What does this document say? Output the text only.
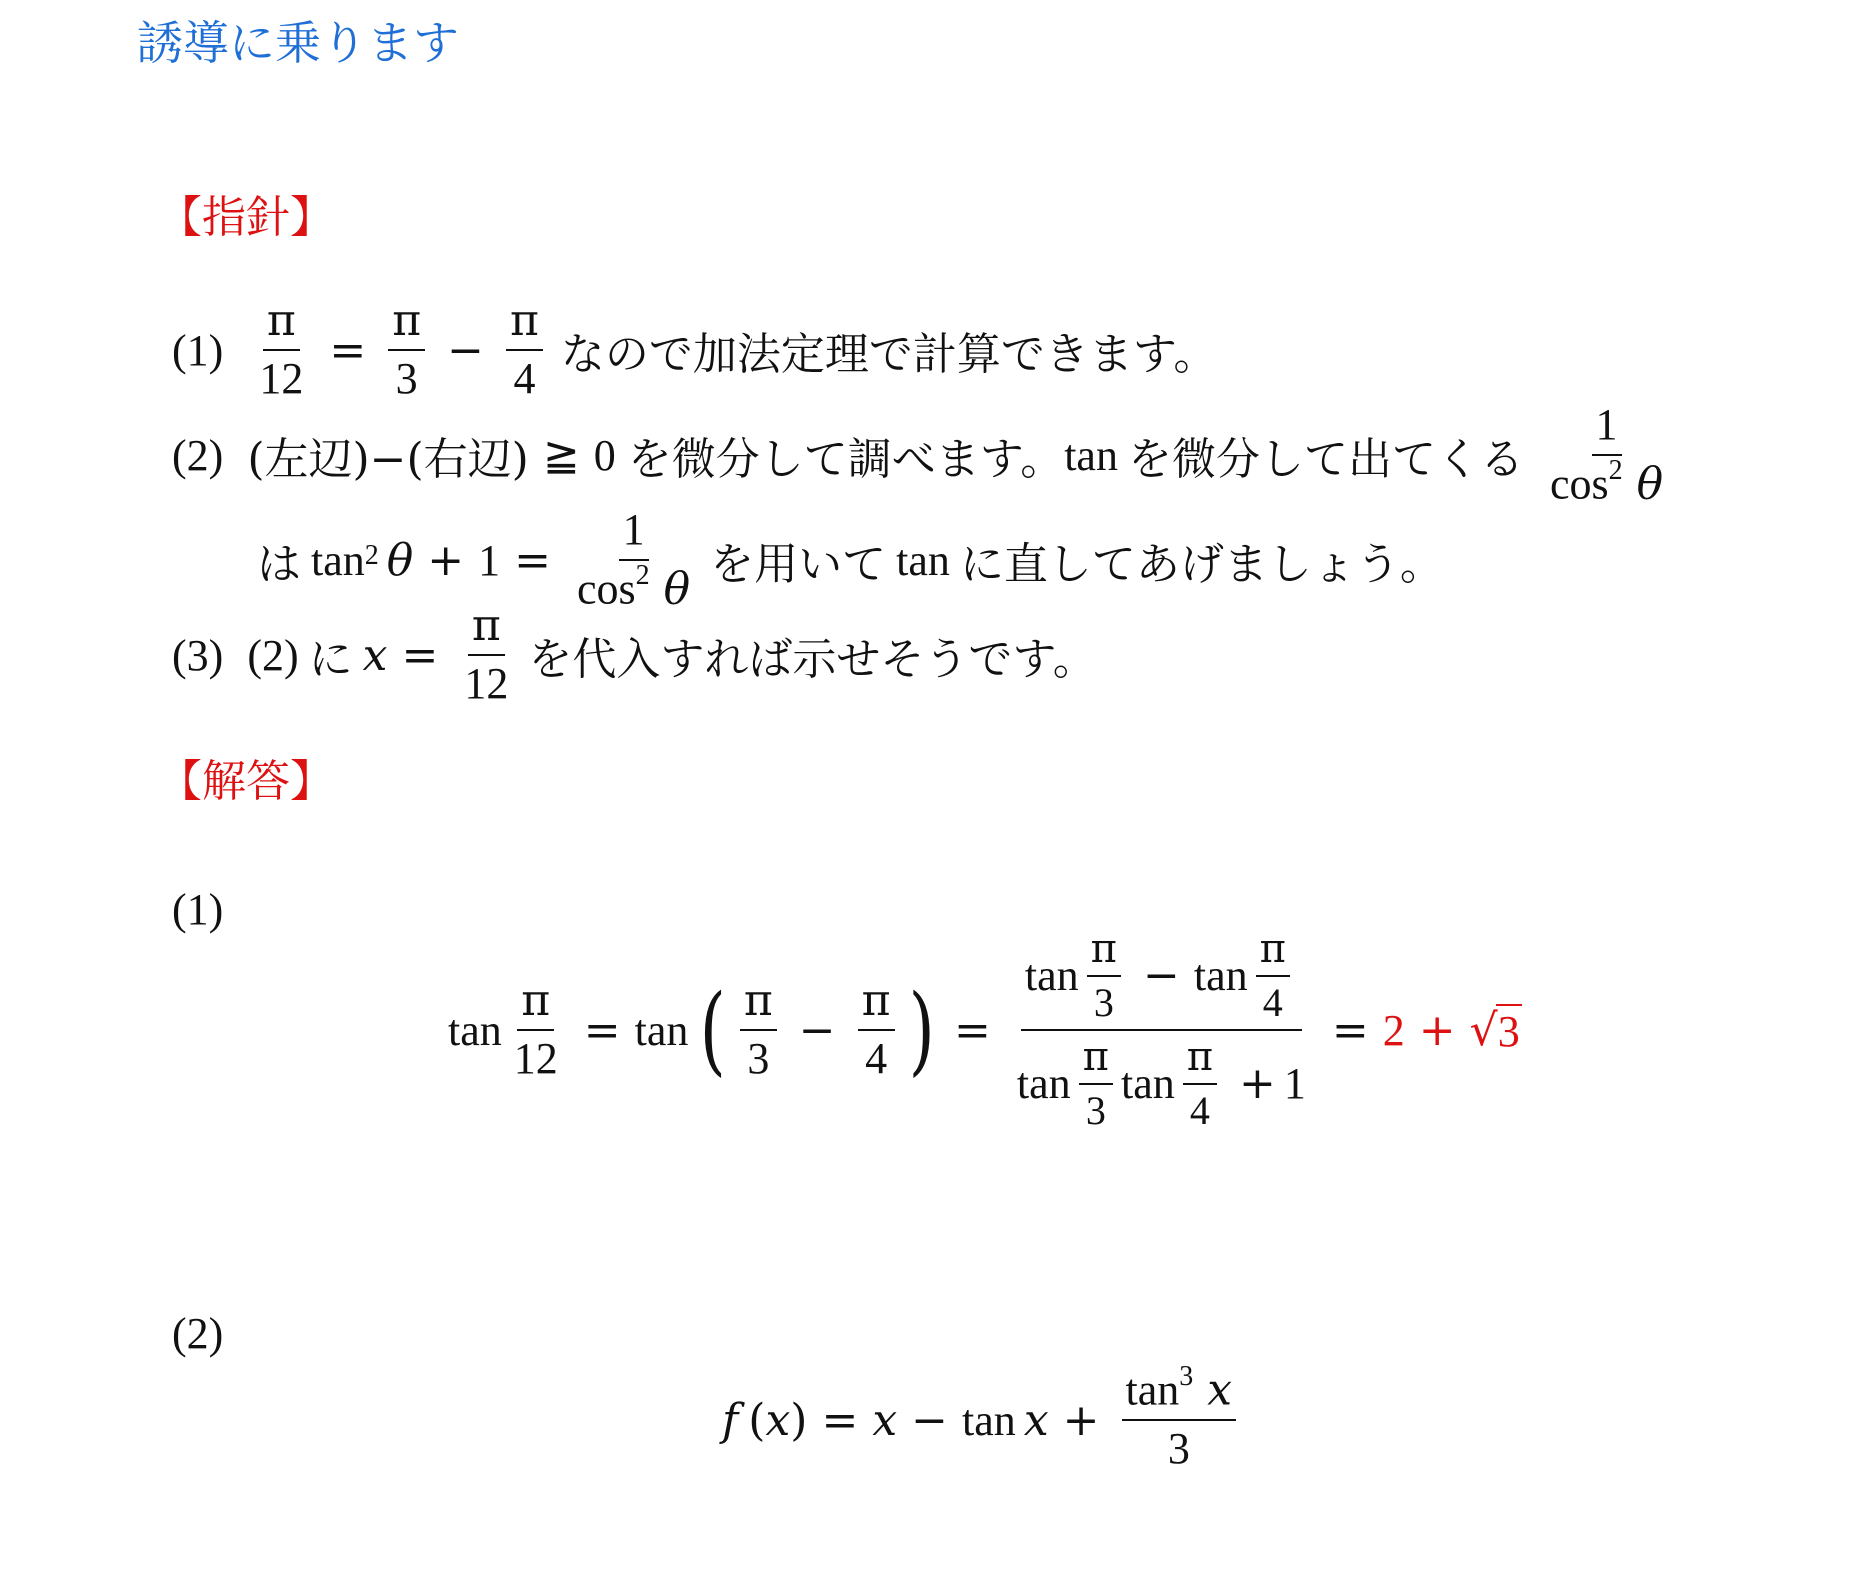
誘導に乗ります
【指針】
$(1) \frac{\pi}{12} = \frac{\pi}{3} - \frac{\pi}{4}$ なので加法定理で計算できます。
(2) (左辺)−(右辺) ≧ 0 を微分して調べます。 tan を微分して出てくる $\frac{1}{\cos^2 \theta}$
は tan 2 $\theta + 1 = \frac{1}{\cos^2 \theta}$ を用いて tan に直してあげましょう。
(3) (2) に $x = \frac{\pi}{12}$ を代入すれば示せそうです。
【解答】
(1)
$\tan \frac{\pi}{12} = \tan$ ( $\frac{\pi}{3} - \frac{\pi}{4}$ ) =
$\tan \frac{\pi}{3} - \tan \frac{\pi}{4}$
$\tan \frac{\pi}{3}$ $\tan \frac{\pi}{4} + 1$
= 2 + √ 3
(2)
f ( x ) = $x - \tan x + \frac{\tan^3 x}{3}$
